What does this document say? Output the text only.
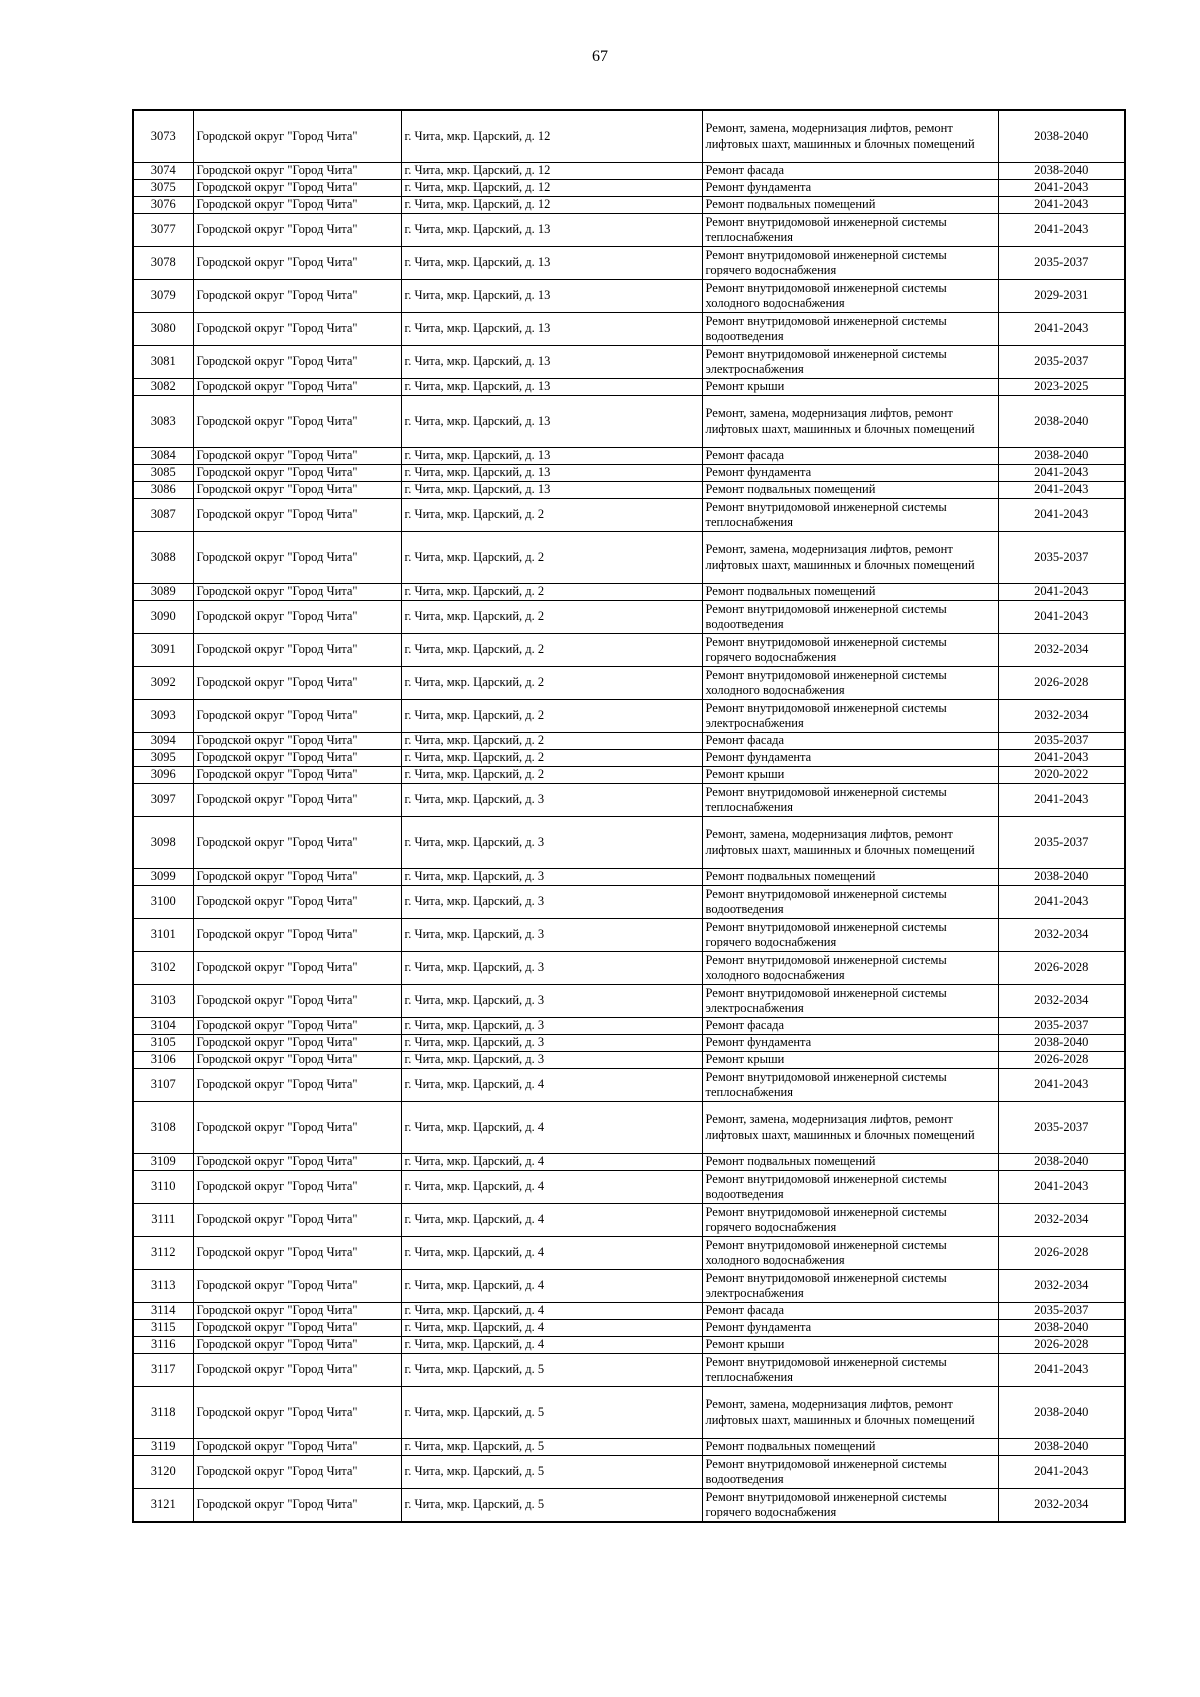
67
3073	Городской округ "Город Чита"	г. Чита, мкр. Царский, д. 12	Ремонт, замена, модернизация лифтов, ремонт лифтовых шахт, машинных и блочных помещений	2038-2040
3074	Городской округ "Город Чита"	г. Чита, мкр. Царский, д. 12	Ремонт фасада	2038-2040
3075	Городской округ "Город Чита"	г. Чита, мкр. Царский, д. 12	Ремонт фундамента	2041-2043
3076	Городской округ "Город Чита"	г. Чита, мкр. Царский, д. 12	Ремонт подвальных помещений	2041-2043
3077	Городской округ "Город Чита"	г. Чита, мкр. Царский, д. 13	Ремонт внутридомовой инженерной системы теплоснабжения	2041-2043
3078	Городской округ "Город Чита"	г. Чита, мкр. Царский, д. 13	Ремонт внутридомовой инженерной системы горячего водоснабжения	2035-2037
3079	Городской округ "Город Чита"	г. Чита, мкр. Царский, д. 13	Ремонт внутридомовой инженерной системы холодного водоснабжения	2029-2031
3080	Городской округ "Город Чита"	г. Чита, мкр. Царский, д. 13	Ремонт внутридомовой инженерной системы водоотведения	2041-2043
3081	Городской округ "Город Чита"	г. Чита, мкр. Царский, д. 13	Ремонт внутридомовой инженерной системы электроснабжения	2035-2037
3082	Городской округ "Город Чита"	г. Чита, мкр. Царский, д. 13	Ремонт крыши	2023-2025
3083	Городской округ "Город Чита"	г. Чита, мкр. Царский, д. 13	Ремонт, замена, модернизация лифтов, ремонт лифтовых шахт, машинных и блочных помещений	2038-2040
3084	Городской округ "Город Чита"	г. Чита, мкр. Царский, д. 13	Ремонт фасада	2038-2040
3085	Городской округ "Город Чита"	г. Чита, мкр. Царский, д. 13	Ремонт фундамента	2041-2043
3086	Городской округ "Город Чита"	г. Чита, мкр. Царский, д. 13	Ремонт подвальных помещений	2041-2043
3087	Городской округ "Город Чита"	г. Чита, мкр. Царский, д. 2	Ремонт внутридомовой инженерной системы теплоснабжения	2041-2043
3088	Городской округ "Город Чита"	г. Чита, мкр. Царский, д. 2	Ремонт, замена, модернизация лифтов, ремонт лифтовых шахт, машинных и блочных помещений	2035-2037
3089	Городской округ "Город Чита"	г. Чита, мкр. Царский, д. 2	Ремонт подвальных помещений	2041-2043
3090	Городской округ "Город Чита"	г. Чита, мкр. Царский, д. 2	Ремонт внутридомовой инженерной системы водоотведения	2041-2043
3091	Городской округ "Город Чита"	г. Чита, мкр. Царский, д. 2	Ремонт внутридомовой инженерной системы горячего водоснабжения	2032-2034
3092	Городской округ "Город Чита"	г. Чита, мкр. Царский, д. 2	Ремонт внутридомовой инженерной системы холодного водоснабжения	2026-2028
3093	Городской округ "Город Чита"	г. Чита, мкр. Царский, д. 2	Ремонт внутридомовой инженерной системы электроснабжения	2032-2034
3094	Городской округ "Город Чита"	г. Чита, мкр. Царский, д. 2	Ремонт фасада	2035-2037
3095	Городской округ "Город Чита"	г. Чита, мкр. Царский, д. 2	Ремонт фундамента	2041-2043
3096	Городской округ "Город Чита"	г. Чита, мкр. Царский, д. 2	Ремонт крыши	2020-2022
3097	Городской округ "Город Чита"	г. Чита, мкр. Царский, д. 3	Ремонт внутридомовой инженерной системы теплоснабжения	2041-2043
3098	Городской округ "Город Чита"	г. Чита, мкр. Царский, д. 3	Ремонт, замена, модернизация лифтов, ремонт лифтовых шахт, машинных и блочных помещений	2035-2037
3099	Городской округ "Город Чита"	г. Чита, мкр. Царский, д. 3	Ремонт подвальных помещений	2038-2040
3100	Городской округ "Город Чита"	г. Чита, мкр. Царский, д. 3	Ремонт внутридомовой инженерной системы водоотведения	2041-2043
3101	Городской округ "Город Чита"	г. Чита, мкр. Царский, д. 3	Ремонт внутридомовой инженерной системы горячего водоснабжения	2032-2034
3102	Городской округ "Город Чита"	г. Чита, мкр. Царский, д. 3	Ремонт внутридомовой инженерной системы холодного водоснабжения	2026-2028
3103	Городской округ "Город Чита"	г. Чита, мкр. Царский, д. 3	Ремонт внутридомовой инженерной системы электроснабжения	2032-2034
3104	Городской округ "Город Чита"	г. Чита, мкр. Царский, д. 3	Ремонт фасада	2035-2037
3105	Городской округ "Город Чита"	г. Чита, мкр. Царский, д. 3	Ремонт фундамента	2038-2040
3106	Городской округ "Город Чита"	г. Чита, мкр. Царский, д. 3	Ремонт крыши	2026-2028
3107	Городской округ "Город Чита"	г. Чита, мкр. Царский, д. 4	Ремонт внутридомовой инженерной системы теплоснабжения	2041-2043
3108	Городской округ "Город Чита"	г. Чита, мкр. Царский, д. 4	Ремонт, замена, модернизация лифтов, ремонт лифтовых шахт, машинных и блочных помещений	2035-2037
3109	Городской округ "Город Чита"	г. Чита, мкр. Царский, д. 4	Ремонт подвальных помещений	2038-2040
3110	Городской округ "Город Чита"	г. Чита, мкр. Царский, д. 4	Ремонт внутридомовой инженерной системы водоотведения	2041-2043
3111	Городской округ "Город Чита"	г. Чита, мкр. Царский, д. 4	Ремонт внутридомовой инженерной системы горячего водоснабжения	2032-2034
3112	Городской округ "Город Чита"	г. Чита, мкр. Царский, д. 4	Ремонт внутридомовой инженерной системы холодного водоснабжения	2026-2028
3113	Городской округ "Город Чита"	г. Чита, мкр. Царский, д. 4	Ремонт внутридомовой инженерной системы электроснабжения	2032-2034
3114	Городской округ "Город Чита"	г. Чита, мкр. Царский, д. 4	Ремонт фасада	2035-2037
3115	Городской округ "Город Чита"	г. Чита, мкр. Царский, д. 4	Ремонт фундамента	2038-2040
3116	Городской округ "Город Чита"	г. Чита, мкр. Царский, д. 4	Ремонт крыши	2026-2028
3117	Городской округ "Город Чита"	г. Чита, мкр. Царский, д. 5	Ремонт внутридомовой инженерной системы теплоснабжения	2041-2043
3118	Городской округ "Город Чита"	г. Чита, мкр. Царский, д. 5	Ремонт, замена, модернизация лифтов, ремонт лифтовых шахт, машинных и блочных помещений	2038-2040
3119	Городской округ "Город Чита"	г. Чита, мкр. Царский, д. 5	Ремонт подвальных помещений	2038-2040
3120	Городской округ "Город Чита"	г. Чита, мкр. Царский, д. 5	Ремонт внутридомовой инженерной системы водоотведения	2041-2043
3121	Городской округ "Город Чита"	г. Чита, мкр. Царский, д. 5	Ремонт внутридомовой инженерной системы горячего водоснабжения	2032-2034
